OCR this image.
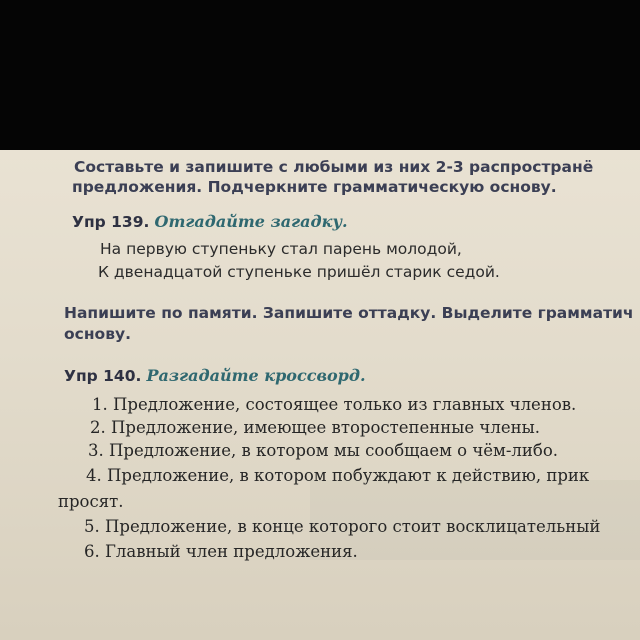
Составьте и запишите с любыми из них 2-3 распространё
предложения. Подчеркните грамматическую основу.
Упр 139. Отгадайте загадку.
На первую ступеньку стал парень молодой,
К двенадцатой ступеньке пришёл старик седой.
Напишите по памяти. Запишите оттадку. Выделите грамматич
основу.
Упр 140. Разгадайте кроссворд.
1. Предложение, состоящее только из главных членов.
2. Предложение, имеющее второстепенные члены.
3. Предложение, в котором мы сообщаем о чём-либо.
4. Предложение, в котором побуждают к действию, прик
просят.
5. Предложение, в конце которого стоит восклицательный
6. Главный член предложения.
